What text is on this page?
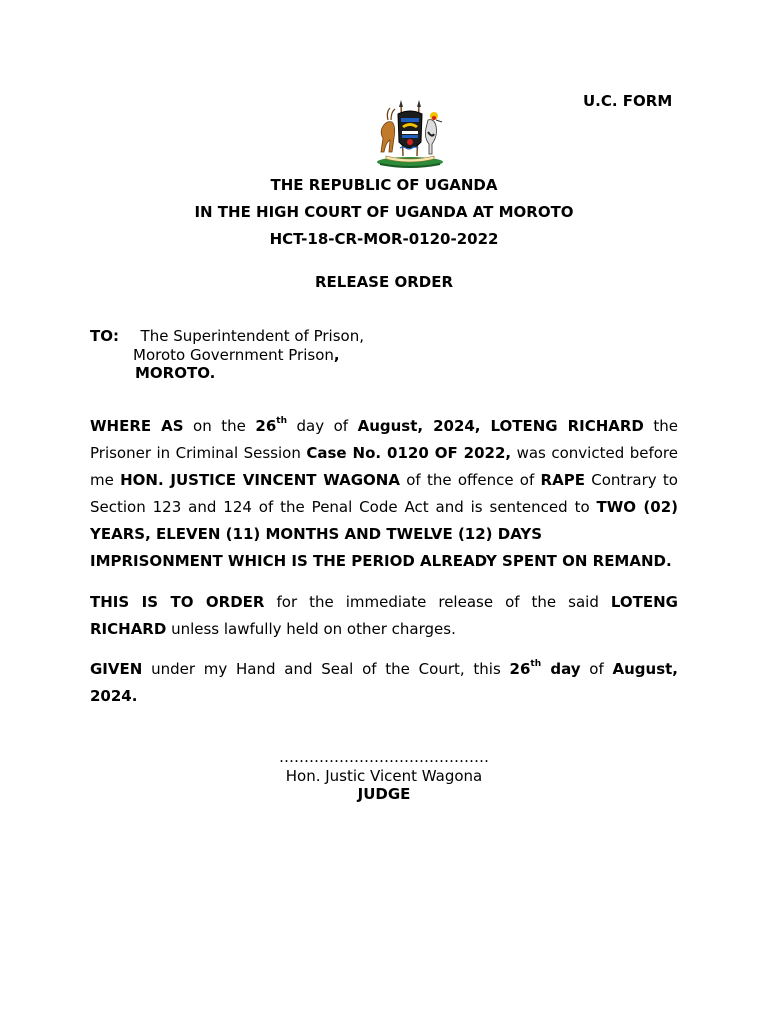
U.C. FORM
THE REPUBLIC OF UGANDA
IN THE HIGH COURT OF UGANDA AT MOROTO
HCT-18-CR-MOR-0120-2022
RELEASE ORDER
TO: The Superintendent of Prison,
Moroto Government Prison,
MOROTO.
WHERE AS on the 26th day of August, 2024, LOTENG RICHARD the Prisoner in Criminal Session Case No. 0120 OF 2022, was convicted before me HON. JUSTICE VINCENT WAGONA of the offence of RAPE Contrary to Section 123 and 124 of the Penal Code Act and is sentenced to TWO (02) YEARS, ELEVEN (11) MONTHS AND TWELVE (12) DAYS
IMPRISONMENT WHICH IS THE PERIOD ALREADY SPENT ON REMAND.
THIS IS TO ORDER for the immediate release of the said LOTENG RICHARD unless lawfully held on other charges.
GIVEN under my Hand and Seal of the Court, this 26th day of August, 2024.
……………………………………
Hon. Justic Vicent Wagona
JUDGE
